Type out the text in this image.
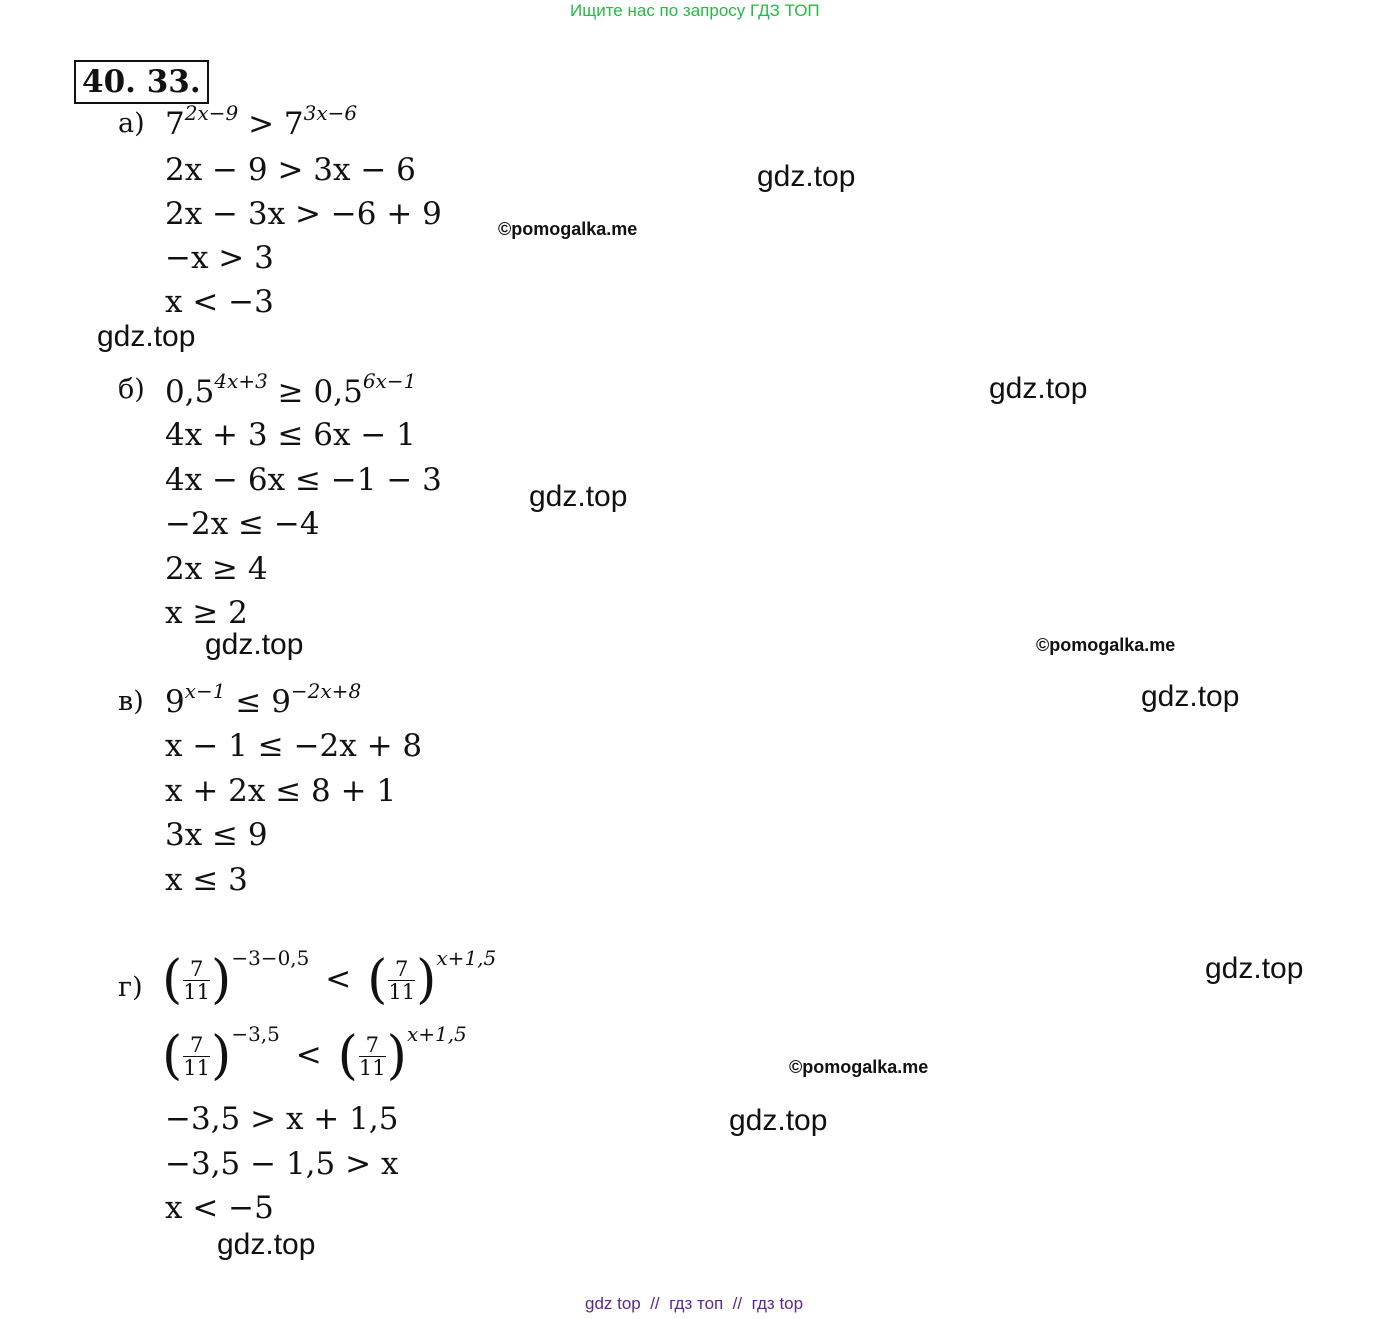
Ищите нас по запросу ГДЗ ТОП
40. 33.
а) $7^{2x-9} > 7^{3x-6}$
2x − 9 > 3x − 6
2x − 3x > −6 + 9
−x > 3
x < −3
б) $0,5^{4x+3} \ge 0,5^{6x-1}$
4x + 3 ≤ 6x − 1
4x − 6x ≤ −1 − 3
−2x ≤ −4
2x ≥ 4
x ≥ 2
в) $9^{x-1} \le 9^{-2x+8}$
x − 1 ≤ −2x + 8
x + 2x ≤ 8 + 1
3x ≤ 9
x ≤ 3
г) ( $\frac{7}{11} )^{-3-0,5}$ < ( $\frac{7}{11} )^{x+1,5}$
( $\frac{7}{11} )^{-3,5}$ < ( $\frac{7}{11} )^{x+1,5}$
−3,5 > x + 1,5
−3,5 − 1,5 > x
x < −5
gdz.top
©pomogalka.me
gdz.top
gdz.top
gdz.top
gdz.top	©pomogalka.me
gdz.top
gdz.top
©pomogalka.me
gdz.top
gdz.top
gdz top  //  гдз топ  //  гдз top
